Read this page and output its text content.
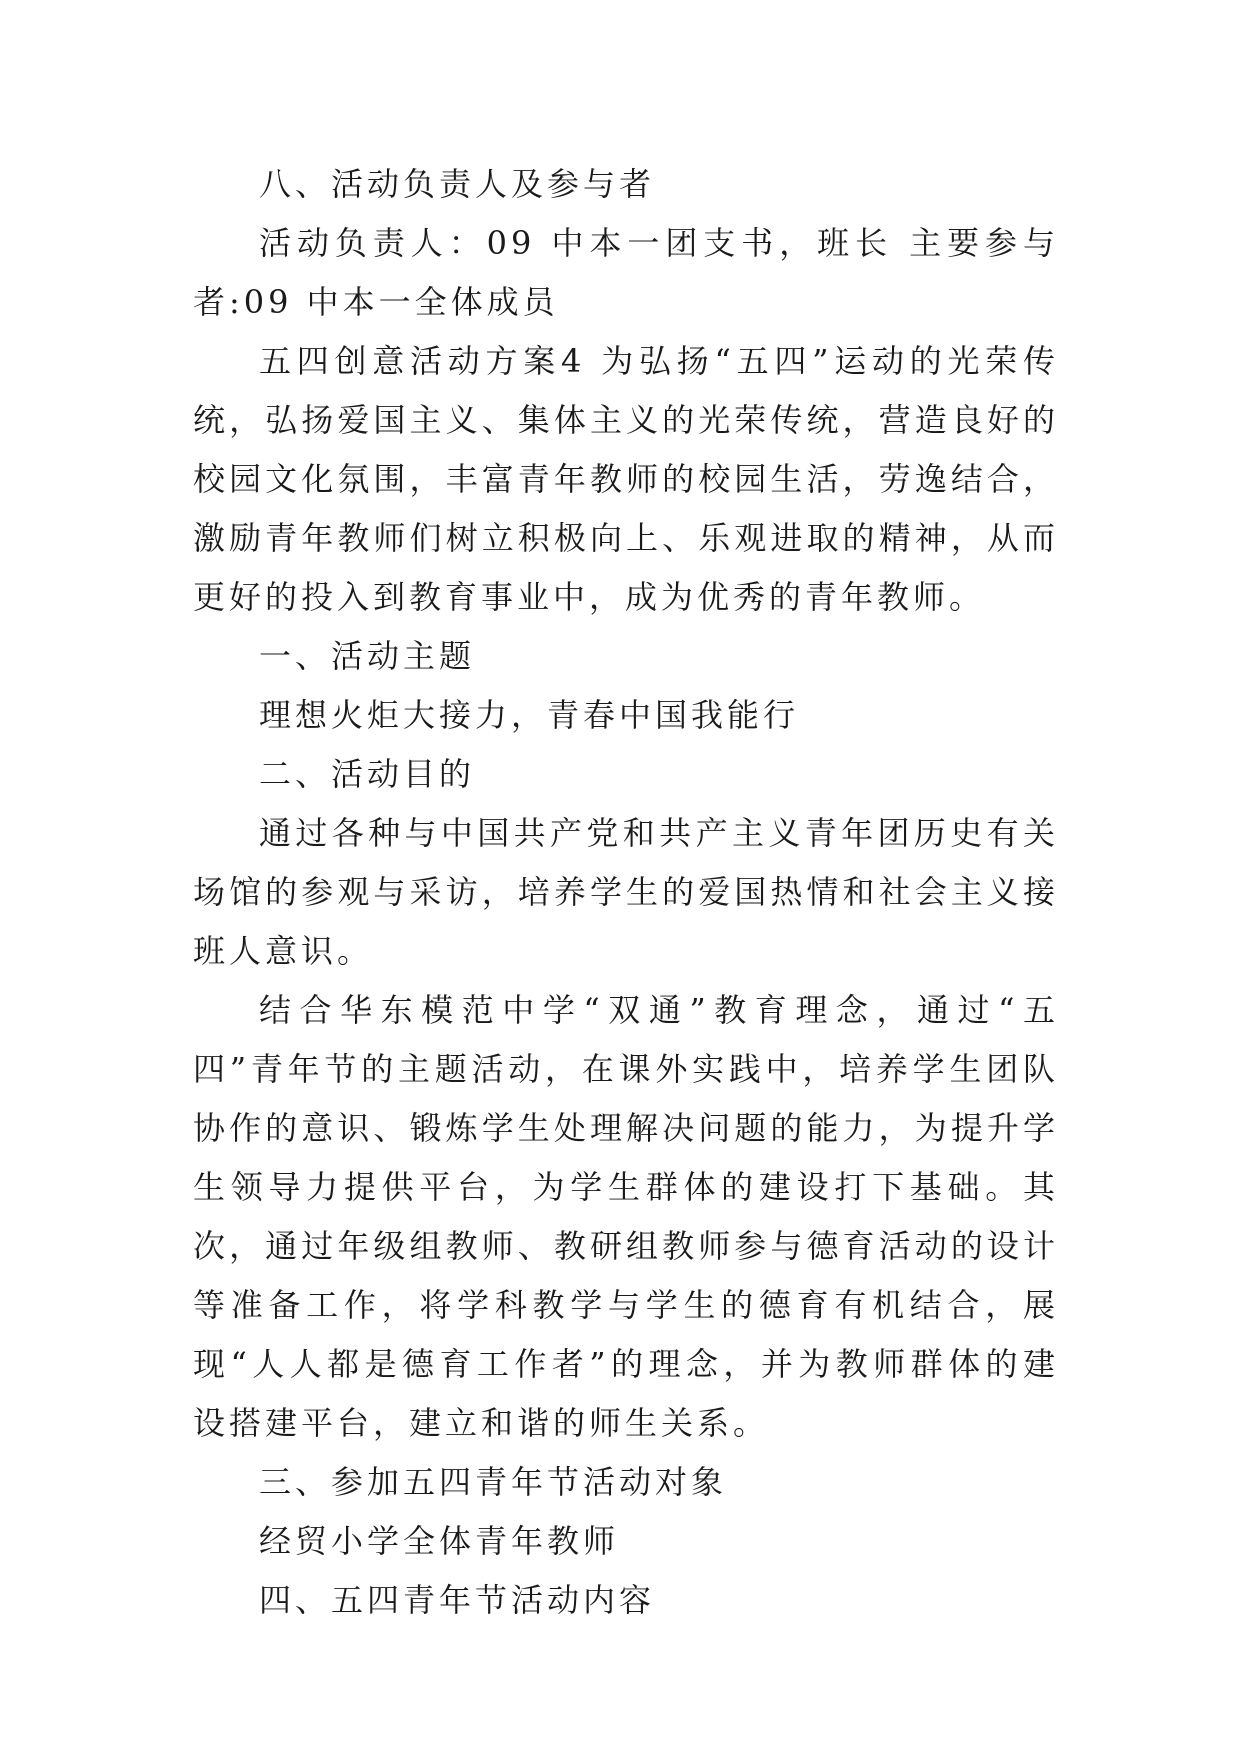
八、活动负责人及参与者

活动负责人：09 中本一团支书，班长 主要参与者:09 中本一全体成员

五四创意活动方案4 为弘扬“五四”运动的光荣传统，弘扬爱国主义、集体主义的光荣传统，营造良好的校园文化氛围，丰富青年教师的校园生活，劳逸结合，激励青年教师们树立积极向上、乐观进取的精神，从而更好的投入到教育事业中，成为优秀的青年教师。

一、活动主题

理想火炬大接力，青春中国我能行

二、活动目的

通过各种与中国共产党和共产主义青年团历史有关场馆的参观与采访，培养学生的爱国热情和社会主义接班人意识。

结合华东模范中学“双通”教育理念，通过“五四”青年节的主题活动，在课外实践中，培养学生团队协作的意识、锻炼学生处理解决问题的能力，为提升学生领导力提供平台，为学生群体的建设打下基础。其次，通过年级组教师、教研组教师参与德育活动的设计等准备工作，将学科教学与学生的德育有机结合，展现“人人都是德育工作者”的理念，并为教师群体的建设搭建平台，建立和谐的师生关系。

三、参加五四青年节活动对象

经贸小学全体青年教师

四、五四青年节活动内容
